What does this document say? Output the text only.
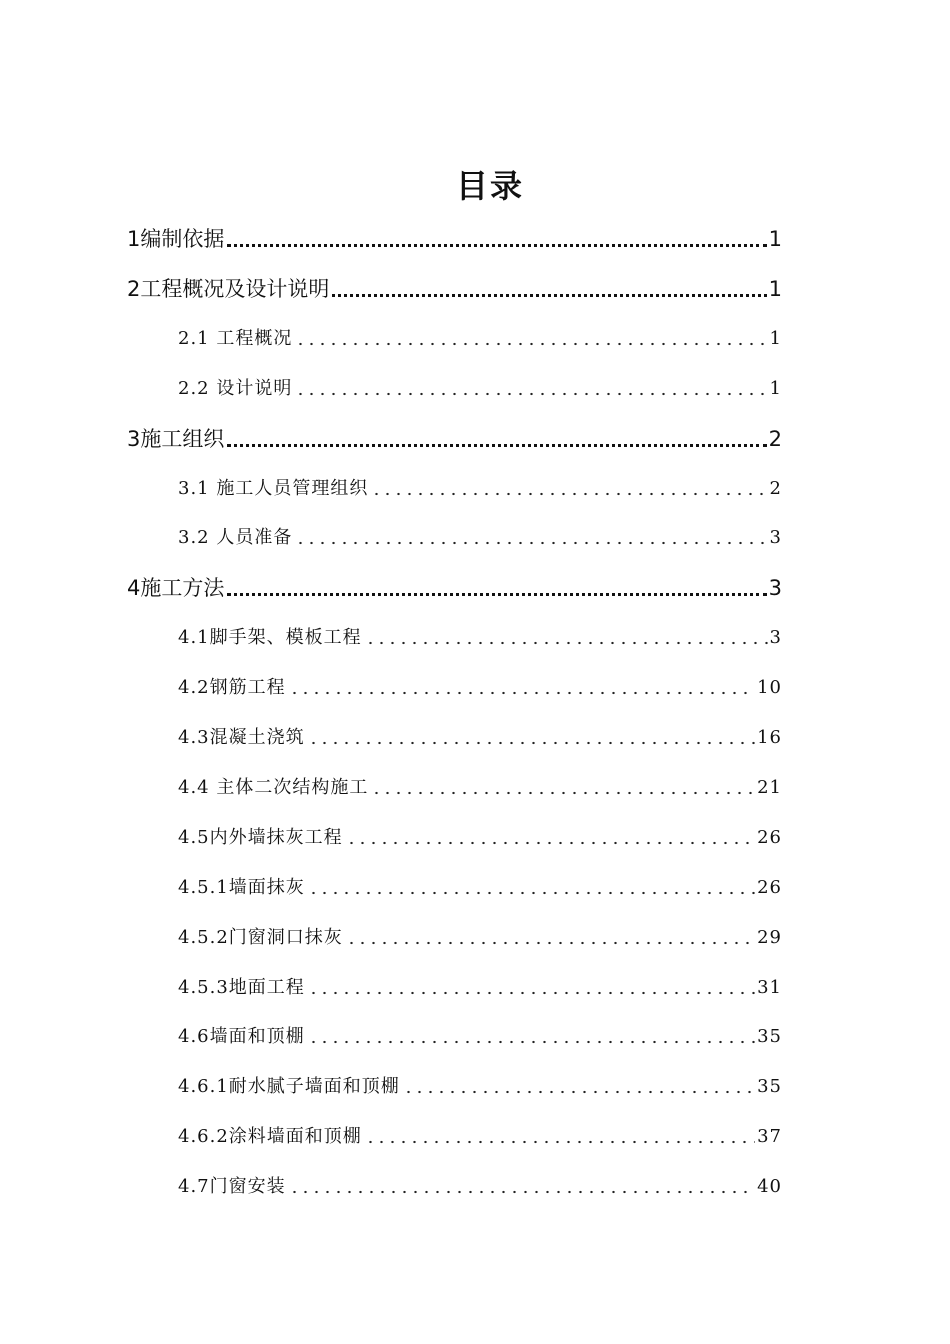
目录
1编制依据	1
2工程概况及设计说明	1
2.1 工程概况	1
2.2 设计说明	1
3施工组织	2
3.1 施工人员管理组织	2
3.2 人员准备	3
4施工方法	3
4.1脚手架、模板工程	3
4.2钢筋工程	10
4.3混凝土浇筑	16
4.4 主体二次结构施工	21
4.5内外墙抹灰工程	26
4.5.1墙面抹灰	26
4.5.2门窗洞口抹灰	29
4.5.3地面工程	31
4.6墙面和顶棚	35
4.6.1耐水腻子墙面和顶棚	35
4.6.2涂料墙面和顶棚	37
4.7门窗安装	40
